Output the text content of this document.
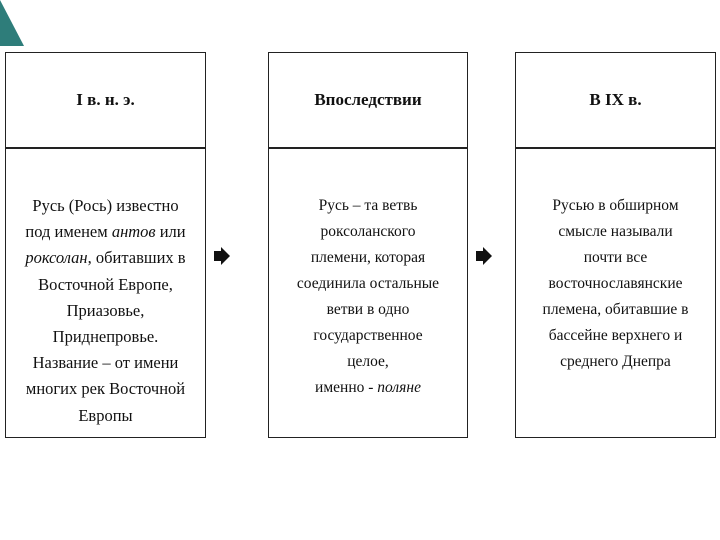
I в. н. э.
Русь (Рось) известно
под именем антов или
роксолан, обитавших в
Восточной Европе,
Приазовье,
Приднепровье.
Название – от имени
многих рек Восточной
Европы
Впоследствии
Русь – та ветвь
роксоланского
племени, которая
соединила остальные
ветви в одно
государственное
целое,
именно - поляне
В IX в.
Русью в обширном
смысле называли
почти все
восточнославянские
племена, обитавшие в
бассейне верхнего и
среднего Днепра
